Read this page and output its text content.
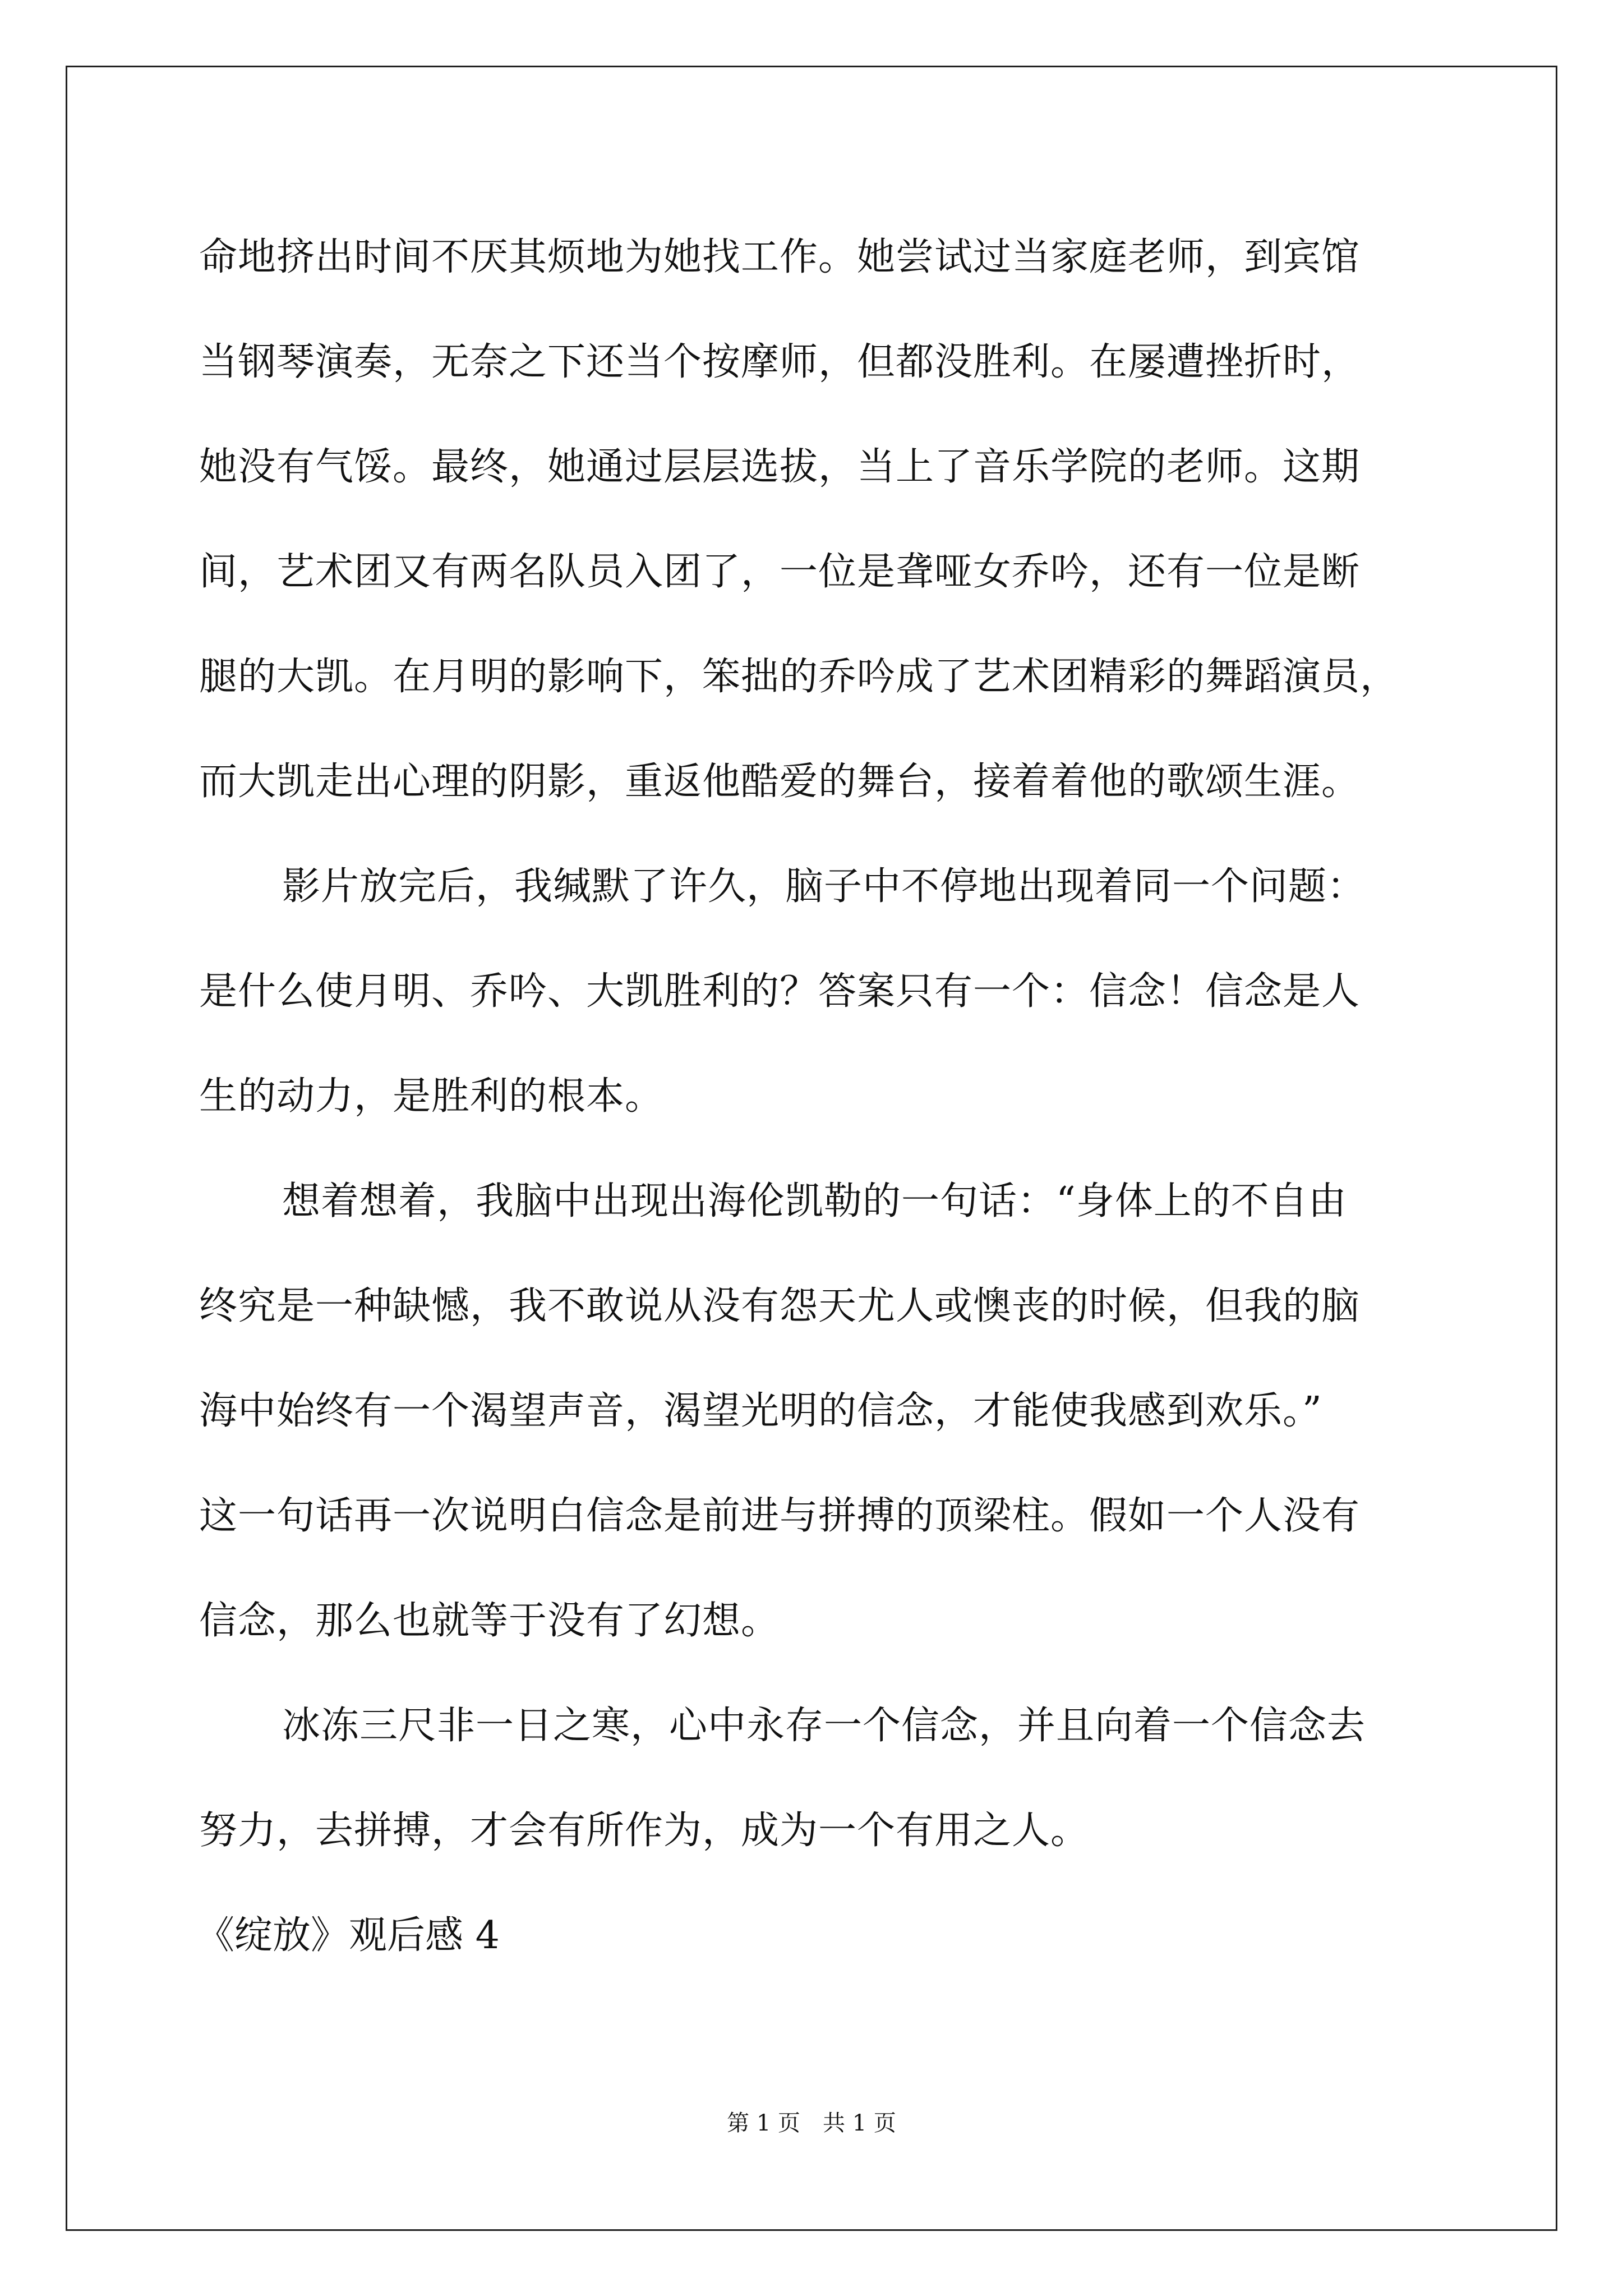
命地挤出时间不厌其烦地为她找工作。她尝试过当家庭老师，到宾馆
当钢琴演奏，无奈之下还当个按摩师，但都没胜利。在屡遭挫折时，
她没有气馁。最终，她通过层层选拔，当上了音乐学院的老师。这期
间，艺术团又有两名队员入团了，一位是聋哑女乔吟，还有一位是断
腿的大凯。在月明的影响下，笨拙的乔吟成了艺术团精彩的舞蹈演员，
而大凯走出心理的阴影，重返他酷爱的舞台，接着着他的歌颂生涯。
影片放完后，我缄默了许久，脑子中不停地出现着同一个问题：
是什么使月明、乔吟、大凯胜利的？答案只有一个：信念！信念是人
生的动力，是胜利的根本。
想着想着，我脑中出现出海伦凯勒的一句话：“身体上的不自由
终究是一种缺憾，我不敢说从没有怨天尤人或懊丧的时候，但我的脑
海中始终有一个渴望声音，渴望光明的信念，才能使我感到欢乐。”
这一句话再一次说明白信念是前进与拼搏的顶梁柱。假如一个人没有
信念，那么也就等于没有了幻想。
冰冻三尺非一日之寒，心中永存一个信念，并且向着一个信念去
努力，去拼搏，才会有所作为，成为一个有用之人。
《绽放》观后感 4
第 1 页　共 1 页
